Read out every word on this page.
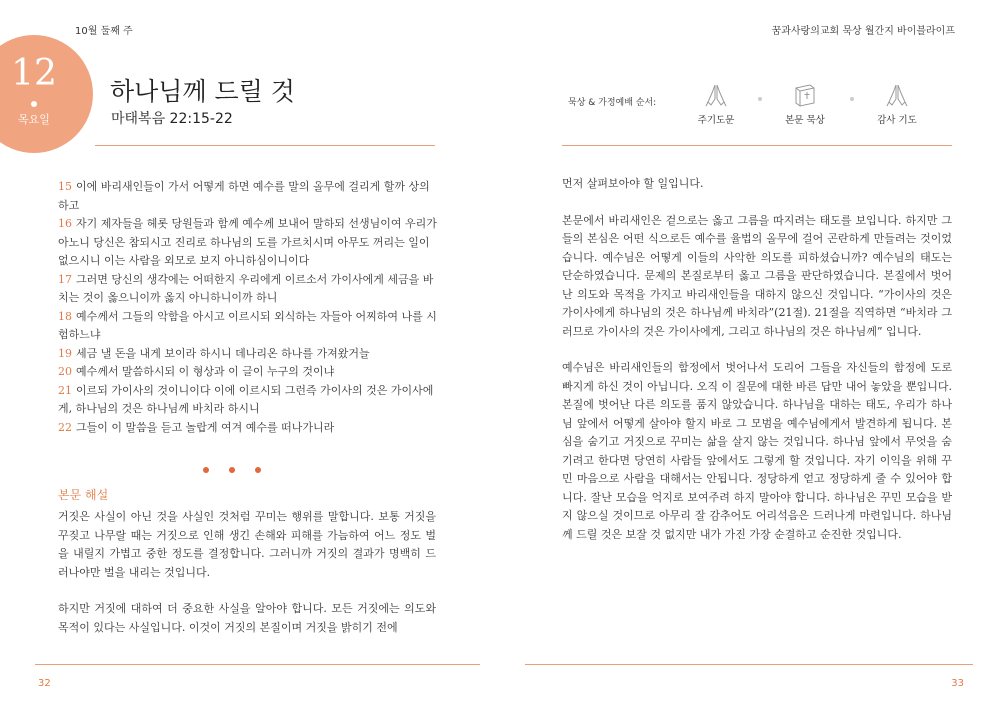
10월 둘째 주
12
목요일
하나님께 드릴 것
마태복음 22:15-22
15 이에 바리새인들이 가서 어떻게 하면 예수를 말의 올무에 걸리게 할까 상의하고
16 자기 제자들을 헤롯 당원들과 함께 예수께 보내어 말하되 선생님이여 우리가 아노니 당신은 참되시고 진리로 하나님의 도를 가르치시며 아무도 꺼리는 일이 없으시니 이는 사람을 외모로 보지 아니하심이니이다
17 그러면 당신의 생각에는 어떠한지 우리에게 이르소서 가이사에게 세금을 바치는 것이 옳으니이까 옳지 아니하니이까 하니
18 예수께서 그들의 악함을 아시고 이르시되 외식하는 자들아 어찌하여 나를 시험하느냐
19 세금 낼 돈을 내게 보이라 하시니 데나리온 하나를 가져왔거늘
20 예수께서 말씀하시되 이 형상과 이 글이 누구의 것이냐
21 이르되 가이사의 것이니이다 이에 이르시되 그런즉 가이사의 것은 가이사에게, 하나님의 것은 하나님께 바치라 하시니
22 그들이 이 말씀을 듣고 놀랍게 여겨 예수를 떠나가니라
본문 해설

거짓은 사실이 아닌 것을 사실인 것처럼 꾸미는 행위를 말합니다. 보통 거짓을 꾸짖고 나무랄 때는 거짓으로 인해 생긴 손해와 피해를 가늠하여 어느 정도 벌을 내릴지 가볍고 중한 정도를 결정합니다. 그러니까 거짓의 결과가 명백히 드러나야만 벌을 내리는 것입니다.

하지만 거짓에 대하여 더 중요한 사실을 알아야 합니다. 모든 거짓에는 의도와 목적이 있다는 사실입니다. 이것이 거짓의 본질이며 거짓을 밝히기 전에

32
꿈과사랑의교회 묵상 월간지 바이블라이프
묵상 & 가정예배 순서:
주기도문	본문 묵상	감사 기도

먼저 살펴보아야 할 일입니다.

본문에서 바리새인은 겉으로는 옳고 그름을 따지려는 태도를 보입니다. 하지만 그들의 본심은 어떤 식으로든 예수를 율법의 올무에 걸어 곤란하게 만들려는 것이었습니다. 예수님은 어떻게 이들의 사악한 의도를 피하셨습니까? 예수님의 태도는 단순하였습니다. 문제의 본질로부터 옳고 그름을 판단하였습니다. 본질에서 벗어난 의도와 목적을 가지고 바리새인들을 대하지 않으신 것입니다. “가이사의 것은 가이사에게 하나님의 것은 하나님께 바치라”(21절). 21절을 직역하면 “바치라 그러므로 가이사의 것은 가이사에게, 그리고 하나님의 것은 하나님께” 입니다.

예수님은 바리새인들의 함정에서 벗어나서 도리어 그들을 자신들의 함정에 도로 빠지게 하신 것이 아닙니다. 오직 이 질문에 대한 바른 답만 내어 놓았을 뿐입니다. 본질에 벗어난 다른 의도를 품지 않았습니다. 하나님을 대하는 태도, 우리가 하나님 앞에서 어떻게 살아야 할지 바로 그 모범을 예수님에게서 발견하게 됩니다. 본심을 숨기고 거짓으로 꾸미는 삶을 살지 않는 것입니다. 하나님 앞에서 무엇을 숨기려고 한다면 당연히 사람들 앞에서도 그렇게 할 것입니다. 자기 이익을 위해 꾸민 마음으로 사람을 대해서는 안됩니다. 정당하게 얻고 정당하게 줄 수 있어야 합니다. 잘난 모습을 억지로 보여주려 하지 말아야 합니다. 하나님은 꾸민 모습을 받지 않으실 것이므로 아무리 잘 감추어도 어리석음은 드러나게 마련입니다. 하나님께 드릴 것은 보잘 것 없지만 내가 가진 가장 순결하고 순진한 것입니다.

33
